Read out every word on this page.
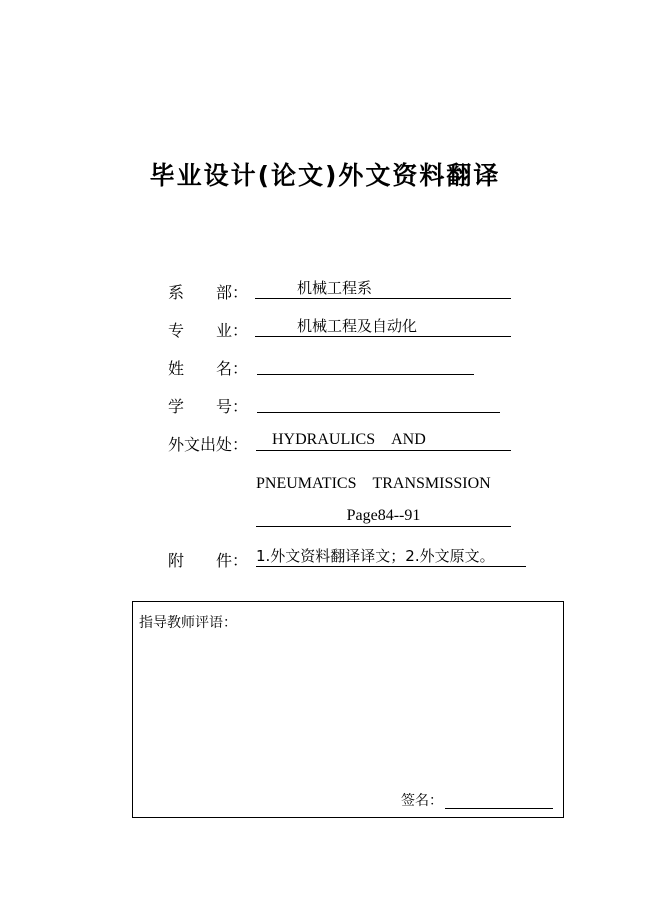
毕业设计(论文)外文资料翻译
系　　部：	机械工程系
专　　业：	机械工程及自动化
姓　　名：
学　　号：
外文出处：	HYDRAULICS　AND
PNEUMATICS　TRANSMISSION
Page84--91
附　　件： 1.外文资料翻译译文；2.外文原文。
指导教师评语：
签名：
